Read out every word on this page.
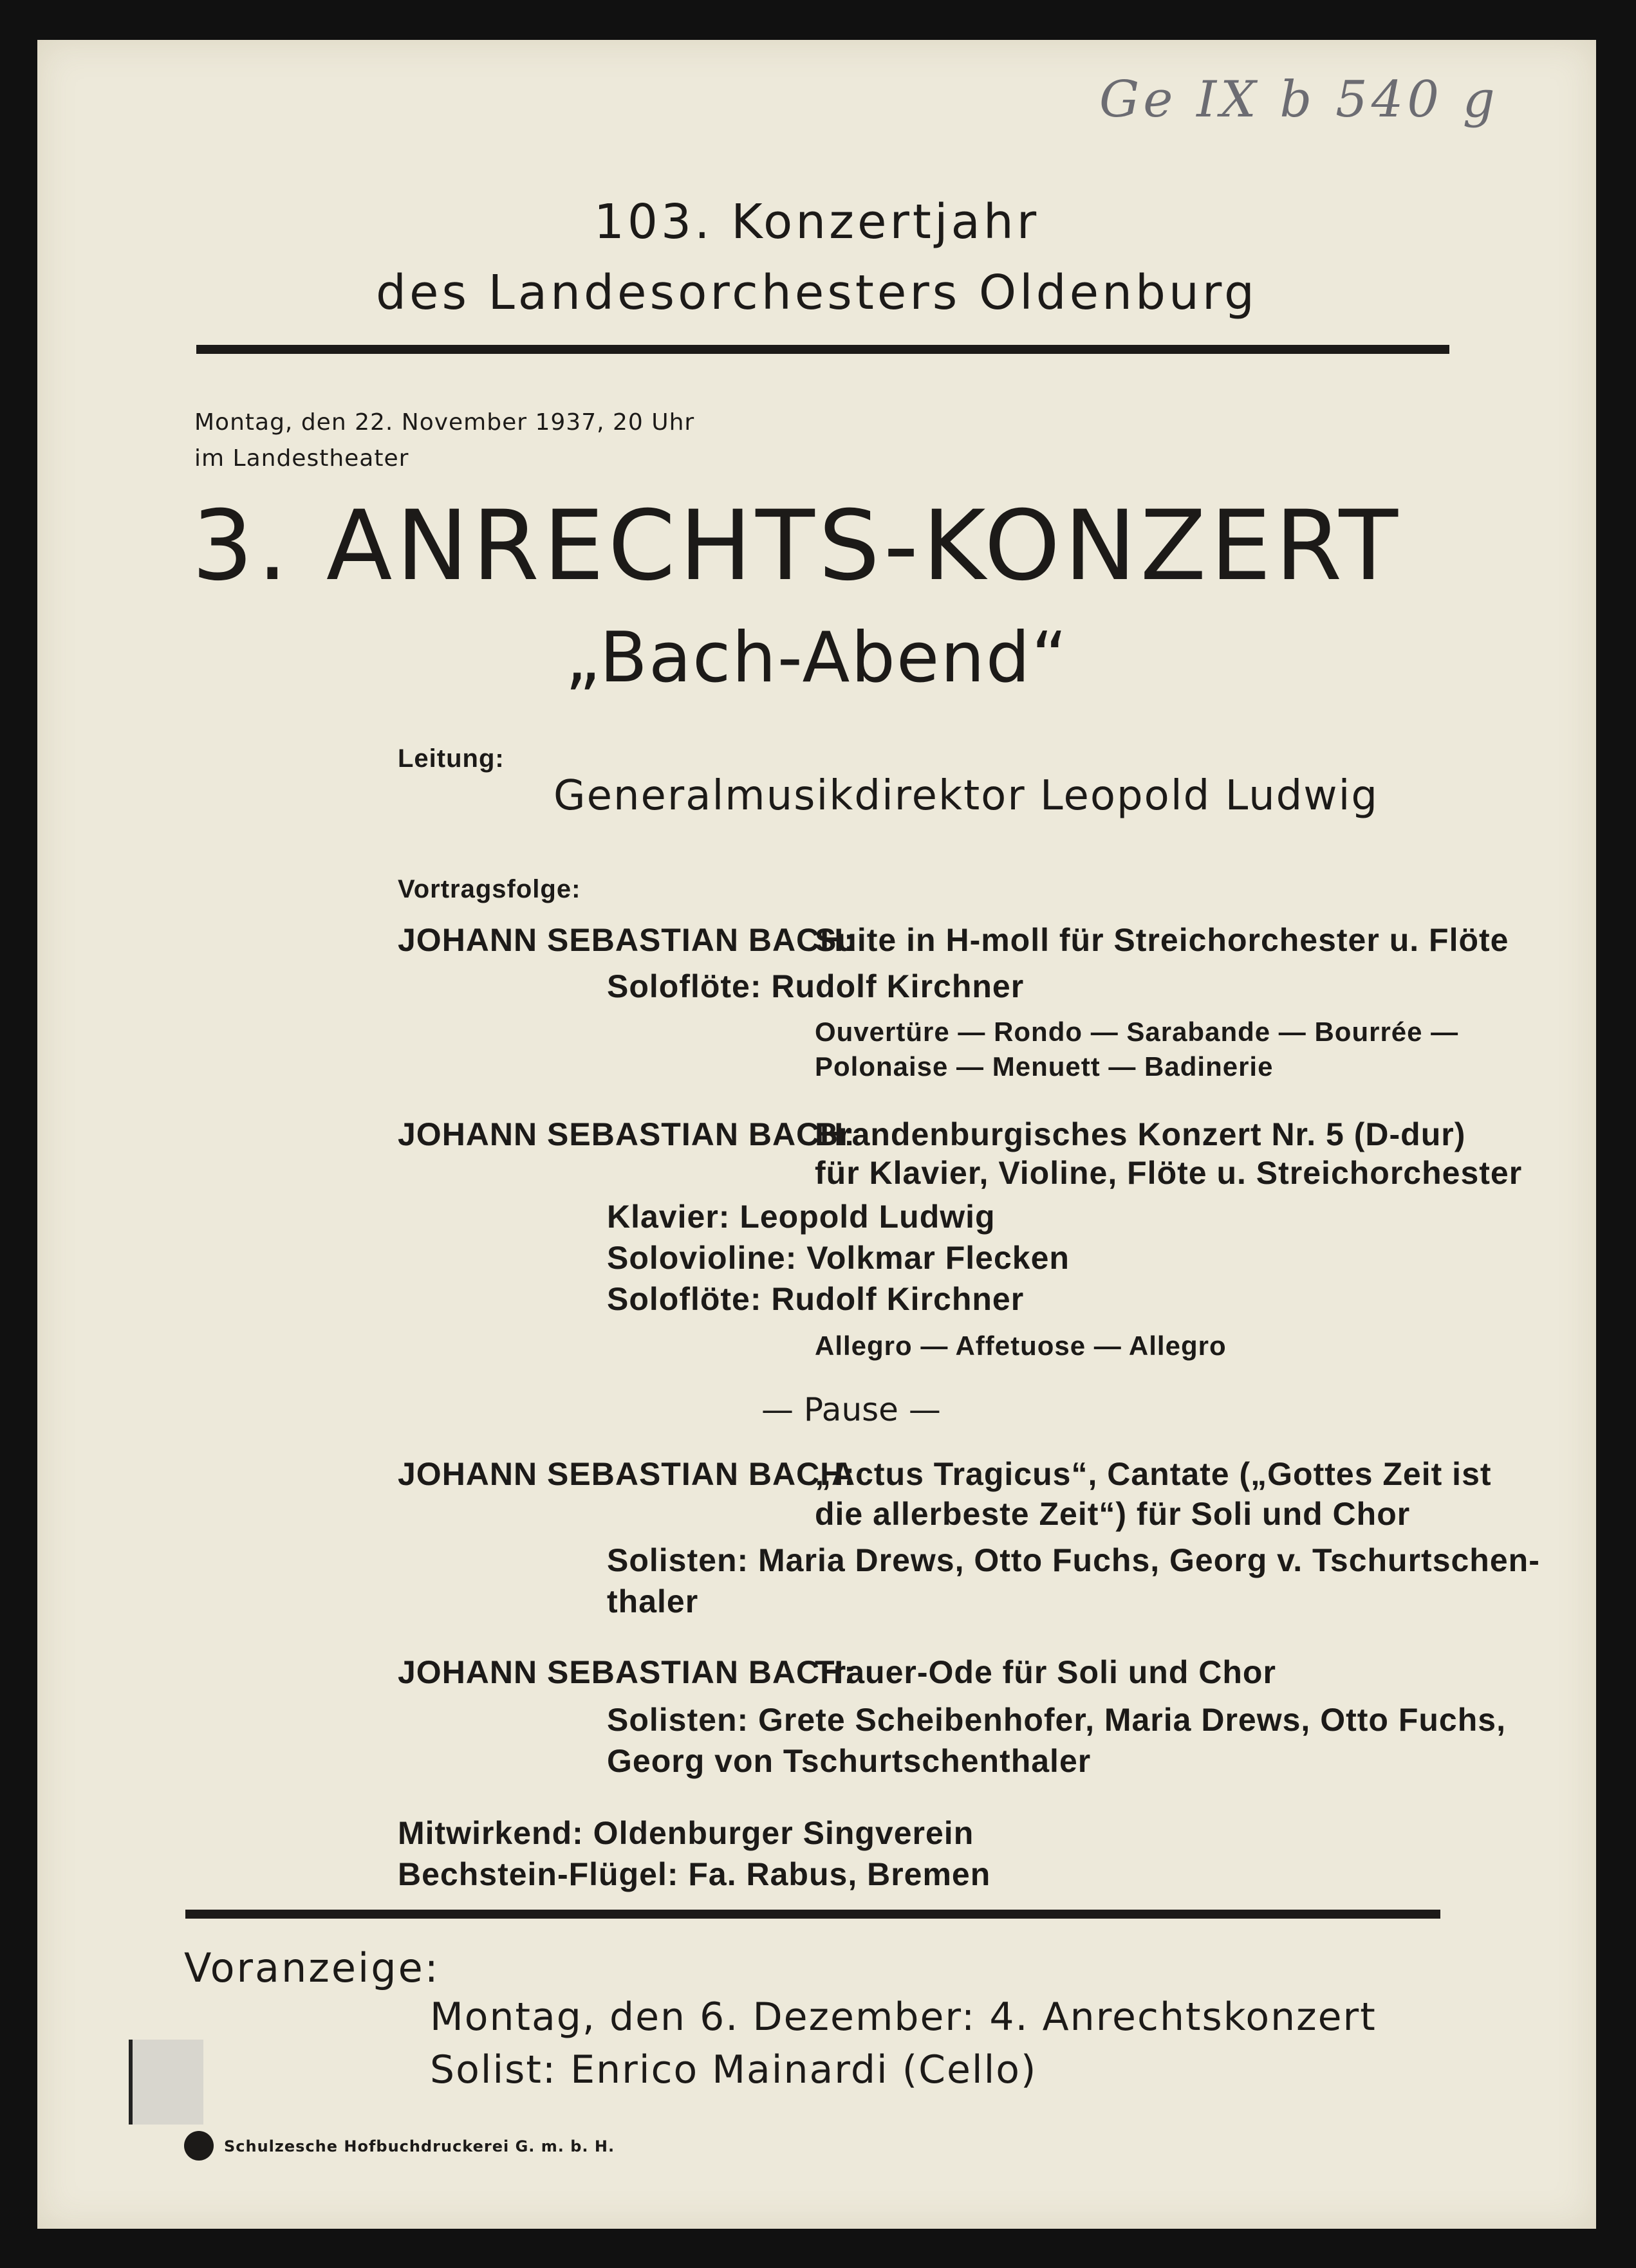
Ge IX b 540 g
103. Konzertjahr
des Landesorchesters Oldenburg
Montag, den 22. November 1937, 20 Uhr
im Landestheater
3. ANRECHTS-KONZERT
„Bach-Abend“
Leitung:
Generalmusikdirektor Leopold Ludwig
Vortragsfolge:
JOHANN SEBASTIAN BACH:
Suite in H-moll für Streichorchester u. Flöte
Soloflöte: Rudolf Kirchner
Ouvertüre — Rondo — Sarabande — Bourrée —
Polonaise — Menuett — Badinerie
JOHANN SEBASTIAN BACH:
Brandenburgisches Konzert Nr. 5 (D-dur)
für Klavier, Violine, Flöte u. Streichorchester
Klavier: Leopold Ludwig
Solovioline: Volkmar Flecken
Soloflöte: Rudolf Kirchner
Allegro — Affetuose — Allegro
— Pause —
JOHANN SEBASTIAN BACH:
„Actus Tragicus“, Cantate („Gottes Zeit ist
die allerbeste Zeit“) für Soli und Chor
Solisten: Maria Drews, Otto Fuchs, Georg v. Tschurtschen-
thaler
JOHANN SEBASTIAN BACH:
Trauer-Ode für Soli und Chor
Solisten: Grete Scheibenhofer, Maria Drews, Otto Fuchs,
Georg von Tschurtschenthaler
Mitwirkend: Oldenburger Singverein
Bechstein-Flügel: Fa. Rabus, Bremen
Voranzeige:
Montag, den 6. Dezember: 4. Anrechtskonzert
Solist: Enrico Mainardi (Cello)
Schulzesche Hofbuchdruckerei G. m. b. H.
